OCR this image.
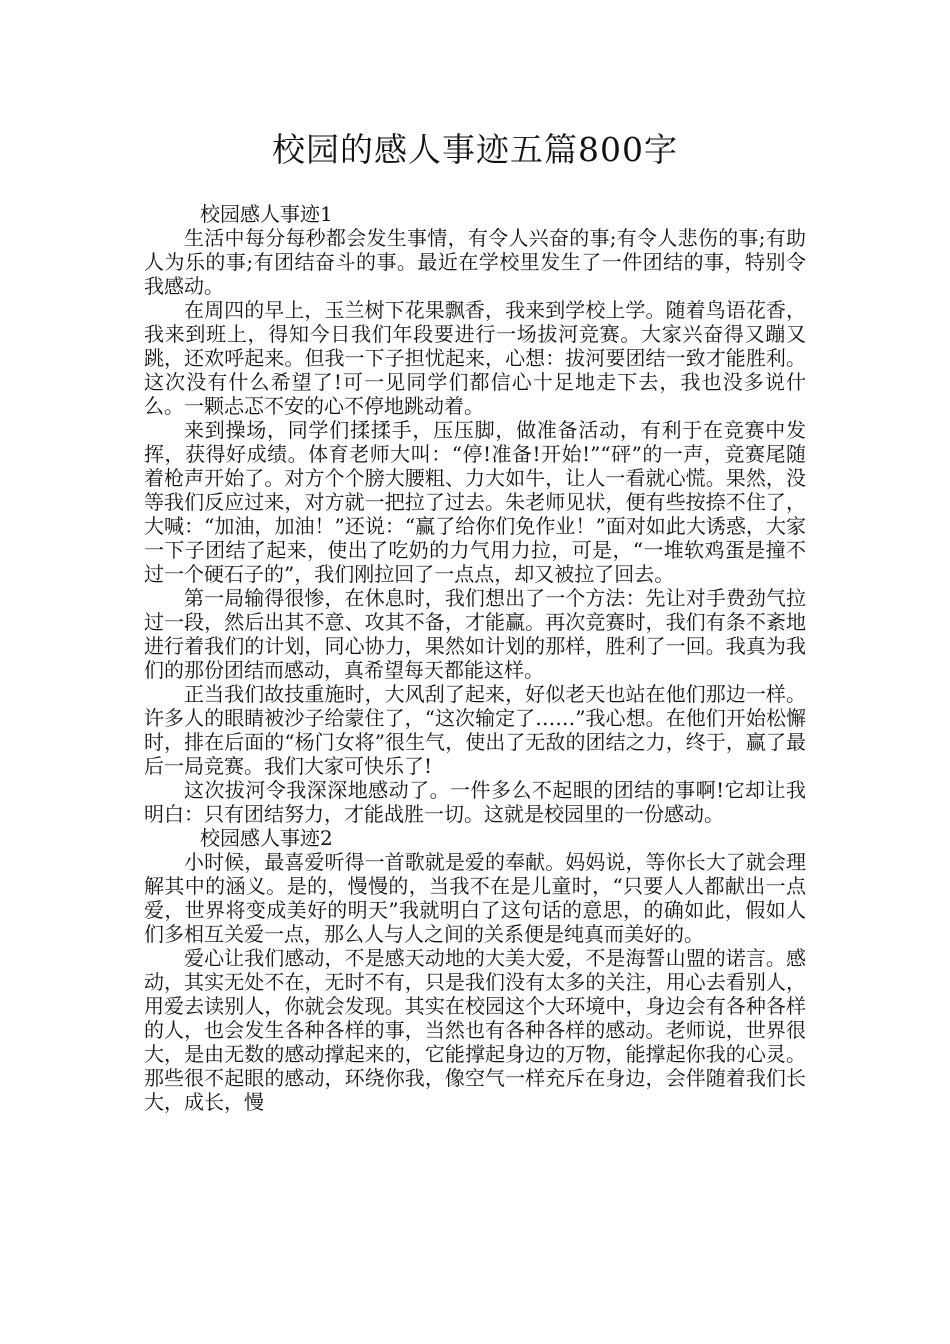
校园的感人事迹五篇800字

校园感人事迹1

生活中每分每秒都会发生事情，有令人兴奋的事;有令人悲伤的事;有助人为乐的事;有团结奋斗的事。最近在学校里发生了一件团结的事，特别令我感动。

在周四的早上，玉兰树下花果飘香，我来到学校上学。随着鸟语花香，我来到班上，得知今日我们年段要进行一场拔河竞赛。大家兴奋得又蹦又跳，还欢呼起来。但我一下子担忧起来，心想：拔河要团结一致才能胜利。这次没有什么希望了!可一见同学们都信心十足地走下去，我也没多说什么。一颗忐忑不安的心不停地跳动着。

来到操场，同学们揉揉手，压压脚，做准备活动，有利于在竞赛中发挥，获得好成绩。体育老师大叫：“停!准备!开始!”“砰”的一声，竞赛尾随着枪声开始了。对方个个膀大腰粗、力大如牛，让人一看就心慌。果然，没等我们反应过来，对方就一把拉了过去。朱老师见状，便有些按捺不住了，大喊：“加油，加油！”还说：“赢了给你们免作业！”面对如此大诱惑，大家一下子团结了起来，使出了吃奶的力气用力拉，可是，“一堆软鸡蛋是撞不过一个硬石子的”，我们刚拉回了一点点，却又被拉了回去。

第一局输得很惨，在休息时，我们想出了一个方法：先让对手费劲气拉过一段，然后出其不意、攻其不备，才能赢。再次竞赛时，我们有条不紊地进行着我们的计划，同心协力，果然如计划的那样，胜利了一回。我真为我们的那份团结而感动，真希望每天都能这样。

正当我们故技重施时，大风刮了起来，好似老天也站在他们那边一样。许多人的眼睛被沙子给蒙住了，“这次输定了……”我心想。在他们开始松懈时，排在后面的“杨门女将”很生气，使出了无敌的团结之力，终于，赢了最后一局竞赛。我们大家可快乐了!

这次拔河令我深深地感动了。一件多么不起眼的团结的事啊!它却让我明白：只有团结努力，才能战胜一切。这就是校园里的一份感动。

校园感人事迹2

小时候，最喜爱听得一首歌就是爱的奉献。妈妈说，等你长大了就会理解其中的涵义。是的，慢慢的，当我不在是儿童时，“只要人人都献出一点爱，世界将变成美好的明天”我就明白了这句话的意思，的确如此，假如人们多相互关爱一点，那么人与人之间的关系便是纯真而美好的。

爱心让我们感动，不是感天动地的大美大爱，不是海誓山盟的诺言。感动，其实无处不在，无时不有，只是我们没有太多的关注，用心去看别人，用爱去读别人，你就会发现。其实在校园这个大环境中，身边会有各种各样的人，也会发生各种各样的事，当然也有各种各样的感动。老师说，世界很大，是由无数的感动撑起来的，它能撑起身边的万物，能撑起你我的心灵。那些很不起眼的感动，环绕你我，像空气一样充斥在身边，会伴随着我们长大，成长，慢
